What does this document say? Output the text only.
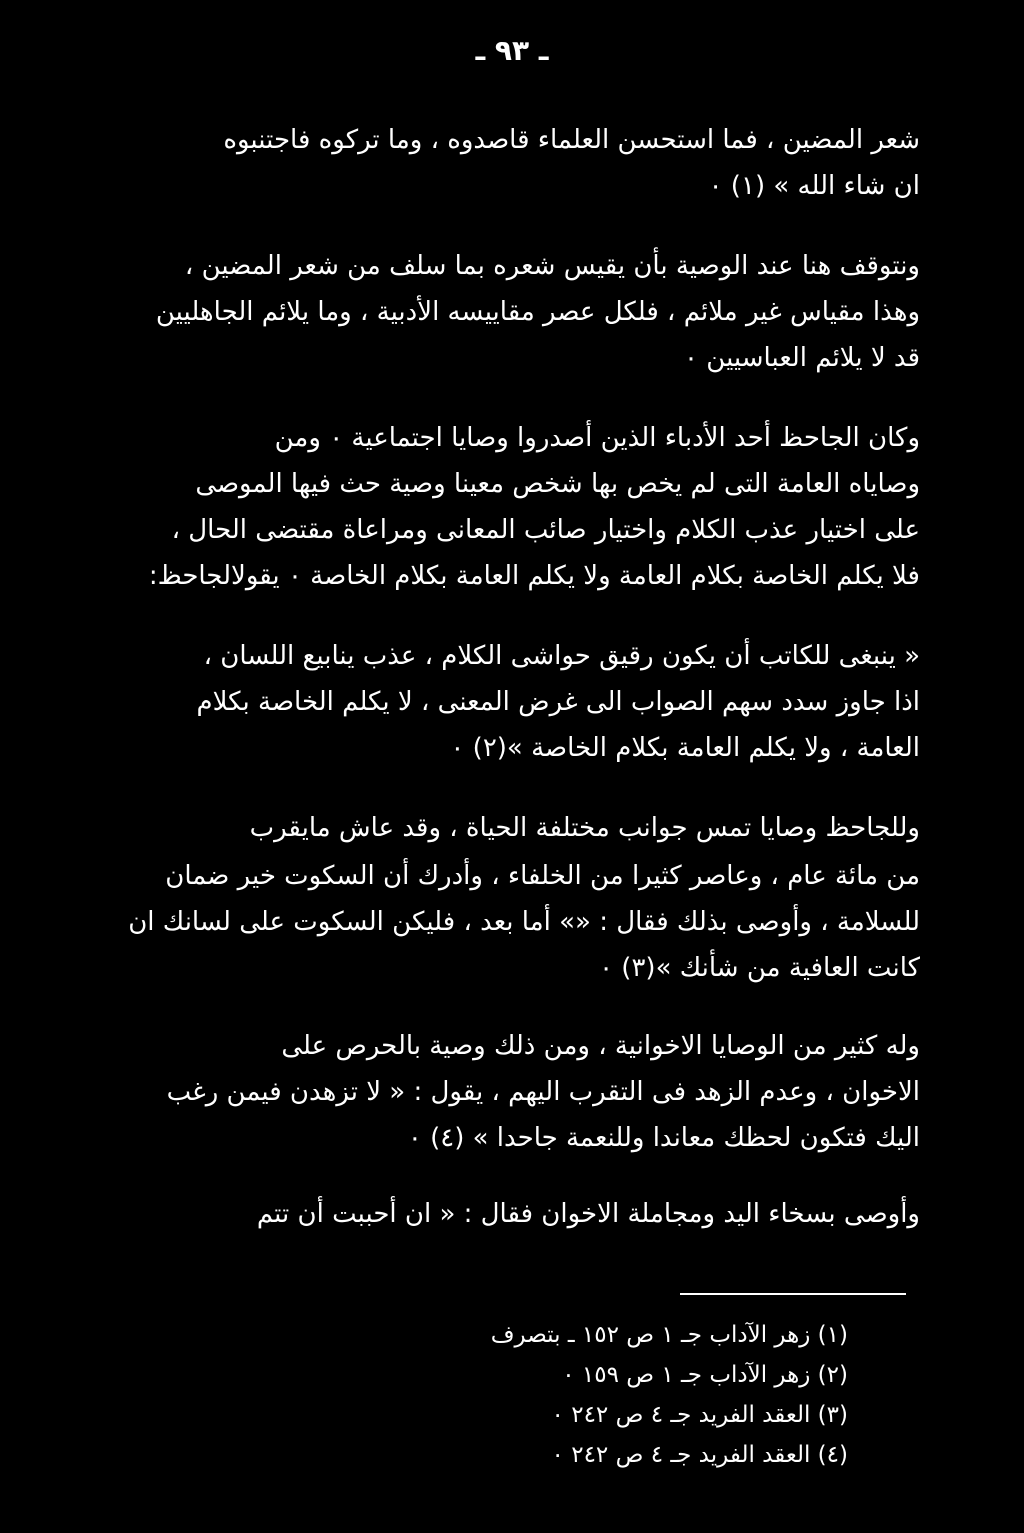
ـ ٩٣ ـ
شعر المضين ، فما استحسن العلماء قاصدوه ، وما تركوه فاجتنبوه
ان شاء الله » (١) ٠
ونتوقف هنا عند الوصية بأن يقيس شعره بما سلف من شعر المضين ،
وهذا مقياس غير ملائم ، فلكل عصر مقاييسه الأدبية ، وما يلائم الجاهليين
قد لا يلائم العباسيين ٠
وكان الجاحظ أحد الأدباء الذين أصدروا وصايا اجتماعية ٠ ومن
وصاياه العامة التى لم يخص بها شخص معينا وصية حث فيها الموصى
على اختيار عذب الكلام واختيار صائب المعانى ومراعاة مقتضى الحال ،
فلا يكلم الخاصة بكلام العامة ولا يكلم العامة بكلام الخاصة ٠ يقولالجاحظ:
« ينبغى للكاتب أن يكون رقيق حواشى الكلام ، عذب ينابيع اللسان ،
اذا جاوز سدد سهم الصواب الى غرض المعنى ، لا يكلم الخاصة بكلام
العامة ، ولا يكلم العامة بكلام الخاصة »(٢) ٠
وللجاحظ وصايا تمس جوانب مختلفة الحياة ، وقد عاش مايقرب
من مائة عام ، وعاصر كثيرا من الخلفاء ، وأدرك أن السكوت خير ضمان
للسلامة ، وأوصى بذلك فقال : «» أما بعد ، فليكن السكوت على لسانك ان
كانت العافية من شأنك »(٣) ٠
وله كثير من الوصايا الاخوانية ، ومن ذلك وصية بالحرص على
الاخوان ، وعدم الزهد فى التقرب اليهم ، يقول : « لا تزهدن فيمن رغب
اليك فتكون لحظك معاندا وللنعمة جاحدا » (٤) ٠
وأوصى بسخاء اليد ومجاملة الاخوان فقال : « ان أحببت أن تتم
(١) زهر الآداب جـ ١ ص ١٥٢ ـ بتصرف
(٢) زهر الآداب جـ ١ ص ١٥٩ ٠
(٣) العقد الفريد جـ ٤ ص ٢٤٢ ٠
(٤) العقد الفريد جـ ٤ ص ٢٤٢ ٠
